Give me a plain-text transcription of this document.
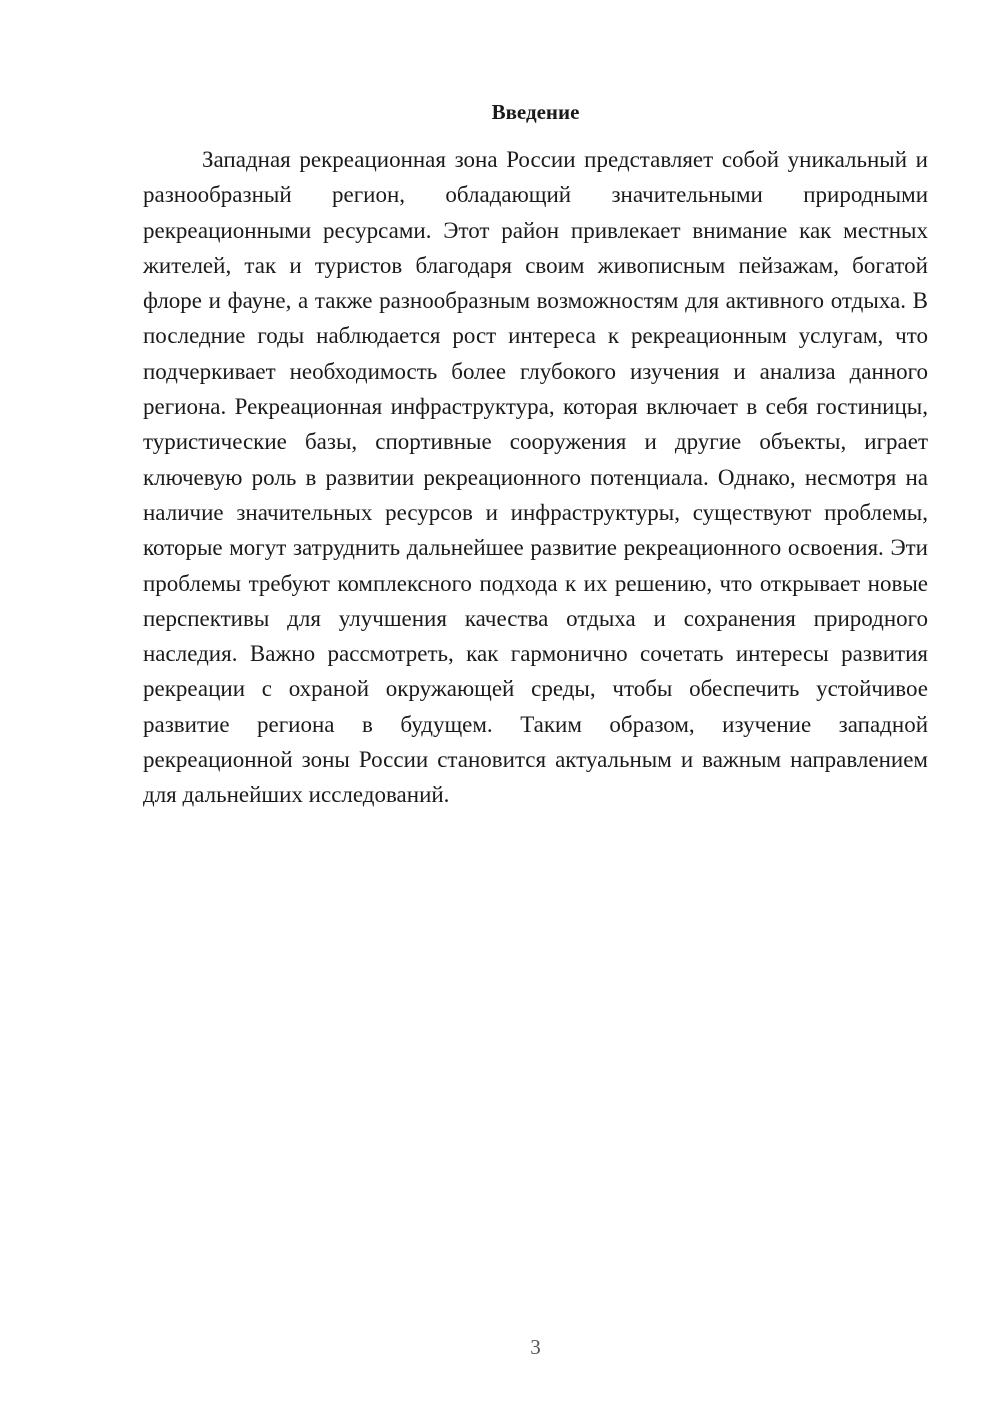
Введение

Западная рекреационная зона России представляет собой уникальный и разнообразный регион, обладающий значительными природными рекреационными ресурсами. Этот район привлекает внимание как местных жителей, так и туристов благодаря своим живописным пейзажам, богатой флоре и фауне, а также разнообразным возможностям для активного отдыха. В последние годы наблюдается рост интереса к рекреационным услугам, что подчеркивает необходимость более глубокого изучения и анализа данного региона. Рекреационная инфраструктура, которая включает в себя гостиницы, туристические базы, спортивные сооружения и другие объекты, играет ключевую роль в развитии рекреационного потенциала. Однако, несмотря на наличие значительных ресурсов и инфраструктуры, существуют проблемы, которые могут затруднить дальнейшее развитие рекреационного освоения. Эти проблемы требуют комплексного подхода к их решению, что открывает новые перспективы для улучшения качества отдыха и сохранения природного наследия. Важно рассмотреть, как гармонично сочетать интересы развития рекреации с охраной окружающей среды, чтобы обеспечить устойчивое развитие региона в будущем. Таким образом, изучение западной рекреационной зоны России становится актуальным и важным направлением для дальнейших исследований.

3
